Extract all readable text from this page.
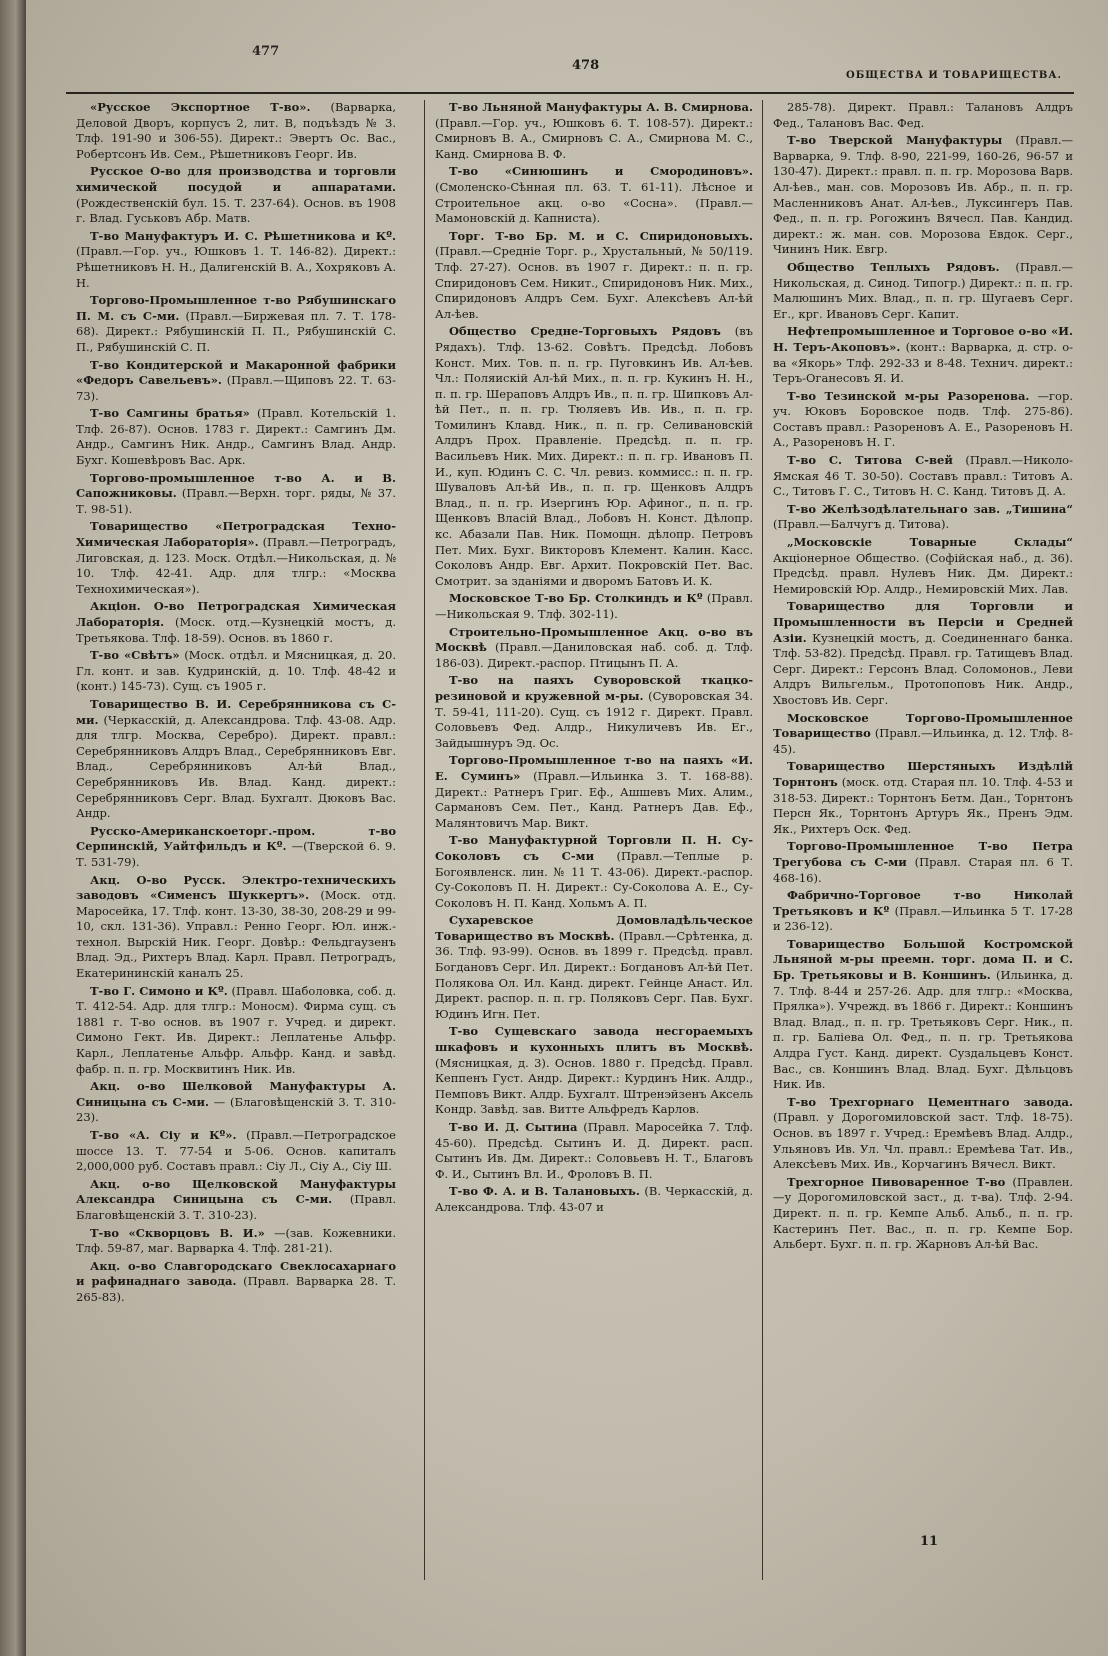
477
478
ОБЩЕСТВА И ТОВАРИЩЕСТВА.

«Русское Экспортное Т-во». (Варварка, Деловой Дворъ, корпусъ 2, лит. В, подъѣздъ № 3. Тлф. 191-90 и 306-55). Директ.: Эвертъ Ос. Вас., Робертсонъ Ив. Сем., Рѣшетниковъ Георг. Ив.

Русское О-во для производства и торговли химической посудой и аппаратами. (Рождественскій бул. 15. Т. 237-64). Основ. въ 1908 г. Влад. Гуськовъ Абр. Матв.

Т-во Мануфактуръ И. С. Рѣшетникова и Кº. (Правл.—Гор. уч., Юшковъ 1. Т. 146-82). Директ.: Рѣшетниковъ Н. Н., Далигенскій В. А., Хохряковъ А. Н.

Торгово-Промышленное т-во Рябушинскаго П. М. съ С-ми. (Правл.—Биржевая пл. 7. Т. 178-68). Директ.: Рябушинскій П. П., Рябушинскій С. П., Рябушинскій С. П.

Т-во Кондитерской и Макаронной фабрики «Федоръ Савельевъ». (Правл.—Щиповъ 22. Т. 63-73).

Т-во Самгины братья» (Правл. Котельскій 1. Тлф. 26-87). Основ. 1783 г. Директ.: Самгинъ Дм. Андр., Самгинъ Ник. Андр., Самгинъ Влад. Андр. Бухг. Кошевѣровъ Вас. Арк.

Торгово-промышленное т-во А. и В. Сапожниковы. (Правл.—Верхн. торг. ряды, № 37. Т. 98-51).

Товарищество «Петроградская Техно-Химическая Лабораторія». (Правл.—Петроградъ, Лиговская, д. 123. Моск. Отдѣл.—Никольская, д. № 10. Тлф. 42-41. Адр. для тлгр.: «Москва Технохимическая»).

Акціон. О-во Петроградская Химическая Лабораторія. (Моск. отд.—Кузнецкій мостъ, д. Третьякова. Тлф. 18-59). Основ. въ 1860 г.

Т-во «Свѣтъ» (Моск. отдѣл. и Мясницкая, д. 20. Гл. конт. и зав. Кудринскій, д. 10. Тлф. 48-42 и (конт.) 145-73). Сущ. съ 1905 г.

Товарищество В. И. Серебрянникова съ С-ми. (Черкасскій, д. Александрова. Тлф. 43-08. Адр. для тлгр. Москва, Серебро). Директ. правл.: Серебрянниковъ Алдръ Влад., Серебрянниковъ Евг. Влад., Серебрянниковъ Ал-ѣй Влад., Серебрянниковъ Ив. Влад. Канд. директ.: Серебрянниковъ Серг. Влад. Бухгалт. Дюковъ Вас. Андр.

Русско-Американскоеторг.-пром. т-во Серпинскій, Уайтфильдъ и Кº. —(Тверской 6. 9. Т. 531-79).

Акц. О-во Русск. Электро-техническихъ заводовъ «Сименсъ Шуккертъ». (Моск. отд. Маросейка, 17. Тлф. конт. 13-30, 38-30, 208-29 и 99-10, скл. 131-36). Управл.: Ренно Георг. Юл. инж.-технол. Вырскій Ник. Георг. Довѣр.: Фельдгаузенъ Влад. Эд., Рихтеръ Влад. Карл. Правл. Петроградъ, Екатерининскій каналъ 25.

Т-во Г. Симоно и Кº. (Правл. Шаболовка, соб. д. Т. 412-54. Адр. для тлгр.: Моносм). Фирма сущ. съ 1881 г. Т-во основ. въ 1907 г. Учред. и директ. Симоно Гект. Ив. Директ.: Леплатенье Альфр. Карл., Леплатенье Альфр. Альфр. Канд. и завѣд. фабр. п. п. гр. Москвитинъ Ник. Ив.

Акц. о-во Шелковой Мануфактуры А. Синицына съ С-ми. — (Благовѣщенскій 3. Т. 310-23).

Т-во «А. Сіу и Кº». (Правл.—Петроградское шоссе 13. Т. 77-54 и 5-06. Основ. капиталъ 2,000,000 руб. Составъ правл.: Сіу Л., Сіу А., Сіу Ш.

Акц. о-во Щелковской Мануфактуры Александра Синицына съ С-ми. (Правл. Благовѣщенскій 3. Т. 310-23).

Т-во «Скворцовъ В. И.» —(зав. Кожевники. Тлф. 59-87, маг. Варварка 4. Тлф. 281-21).

Акц. о-во Славгородскаго Свеклосахарнаго и рафинаднаго завода. (Правл. Варварка 28. Т. 265-83).

Т-во Льняной Мануфактуры А. В. Смирнова. (Правл.—Гор. уч., Юшковъ 6. Т. 108-57). Директ.: Смирновъ В. А., Смирновъ С. А., Смирнова М. С., Канд. Смирнова В. Ф.

Т-во «Синюшинъ и Смородиновъ». (Смоленско-Сѣнная пл. 63. Т. 61-11). Лѣсное и Строительное акц. о-во «Сосна». (Правл.—Мамоновскій д. Капниста).

Торг. Т-во Бр. М. и С. Спиридоновыхъ. (Правл.—Средніе Торг. р., Хрустальный, № 50/119. Тлф. 27-27). Основ. въ 1907 г. Директ.: п. п. гр. Спиридоновъ Сем. Никит., Спиридоновъ Ник. Мих., Спиридоновъ Алдръ Сем. Бухг. Алексѣевъ Ал-ѣй Ал-ѣев.

Общество Средне-Торговыхъ Рядовъ (въ Рядахъ). Тлф. 13-62. Совѣтъ. Предсѣд. Лобовъ Конст. Мих. Тов. п. п. гр. Пуговкинъ Ив. Ал-ѣев. Чл.: Поляискій Ал-ѣй Мих., п. п. гр. Кукинъ Н. Н., п. п. гр. Шераповъ Алдръ Ив., п. п. гр. Шипковъ Ал-ѣй Пет., п. п. гр. Тюляевъ Ив. Ив., п. п. гр. Томилинъ Клавд. Ник., п. п. гр. Селивановскій Алдръ Прох. Правленіе. Предсѣд. п. п. гр. Васильевъ Ник. Мих. Директ.: п. п. гр. Ивановъ П. И., куп. Юдинъ С. С. Чл. ревиз. коммисс.: п. п. гр. Шуваловъ Ал-ѣй Ив., п. п. гр. Щенковъ Алдръ Влад., п. п. гр. Изергинъ Юр. Афиног., п. п. гр. Щенковъ Власій Влад., Лобовъ Н. Конст. Дѣлопр. кс. Абазали Пав. Ник. Помощн. дѣлопр. Петровъ Пет. Мих. Бухг. Викторовъ Клемент. Калин. Касс. Соколовъ Андр. Евг. Архит. Покровскій Пет. Вас. Смотрит. за зданіями и дворомъ Батовъ И. К.

Московское Т-во Бр. Столкиндъ и Кº (Правл.—Никольская 9. Тлф. 302-11).

Строительно-Промышленное Акц. о-во въ Москвѣ (Правл.—Даниловская наб. соб. д. Тлф. 186-03). Директ.-распор. Птицынъ П. А.

Т-во на паяхъ Суворовской ткацко-резиновой и кружевной м-ры. (Суворовская 34. Т. 59-41, 111-20). Сущ. съ 1912 г. Директ. Правл. Соловьевъ Фед. Алдр., Никуличевъ Ив. Ег., Зайдышнуръ Эд. Ос.

Торгово-Промышленное т-во на паяхъ «И. Е. Суминъ» (Правл.—Ильинка 3. Т. 168-88). Директ.: Ратнеръ Григ. Еф., Ашшевъ Мих. Алим., Сармановъ Сем. Пет., Канд. Ратнеръ Дав. Еф., Малянтовичъ Мар. Викт.

Т-во Мануфактурной Торговли П. Н. Су-Соколовъ съ С-ми (Правл.—Теплые р. Богоявленск. лин. № 11 Т. 43-06). Директ.-распор. Су-Соколовъ П. Н. Директ.: Су-Соколова А. Е., Су-Соколовъ Н. П. Канд. Хольмъ А. П.

Сухаревское Домовладѣльческое Товарищество въ Москвѣ. (Правл.—Срѣтенка, д. 36. Тлф. 93-99). Основ. въ 1899 г. Предсѣд. правл. Богдановъ Серг. Ил. Директ.: Богдановъ Ал-ѣй Пет. Полякова Ол. Ил. Канд. директ. Гейнце Анаст. Ил. Директ. распор. п. п. гр. Поляковъ Серг. Пав. Бухг. Юдинъ Игн. Пет.

Т-во Сущевскаго завода несгораемыхъ шкафовъ и кухонныхъ плитъ въ Москвѣ. (Мясницкая, д. 3). Основ. 1880 г. Предсѣд. Правл. Кеппенъ Густ. Андр. Директ.: Курдинъ Ник. Алдр., Пемповъ Викт. Алдр. Бухгалт. Штренэйзенъ Аксель Кондр. Завѣд. зав. Витте Альфредъ Карлов.

Т-во И. Д. Сытина (Правл. Маросейка 7. Тлф. 45-60). Предсѣд. Сытинъ И. Д. Директ. расп. Сытинъ Ив. Дм. Директ.: Соловьевъ Н. Т., Благовъ Ф. И., Сытинъ Вл. И., Фроловъ В. П.

Т-во Ф. А. и В. Талановыхъ. (В. Черкасскій, д. Александрова. Тлф. 43-07 и

285-78). Директ. Правл.: Талановъ Алдръ Фед., Талановъ Вас. Фед.

Т-во Тверской Мануфактуры (Правл.—Варварка, 9. Тлф. 8-90, 221-99, 160-26, 96-57 и 130-47). Директ.: правл. п. п. гр. Морозова Варв. Ал-ѣев., ман. сов. Морозовъ Ив. Абр., п. п. гр. Масленниковъ Анат. Ал-ѣев., Луксингеръ Пав. Фед., п. п. гр. Рогожинъ Вячесл. Пав. Кандид. директ.: ж. ман. сов. Морозова Евдок. Серг., Чининъ Ник. Евгр.

Общество Теплыхъ Рядовъ. (Правл.—Никольская, д. Синод. Типогр.) Директ.: п. п. гр. Малюшинъ Мих. Влад., п. п. гр. Шугаевъ Серг. Ег., крг. Ивановъ Серг. Капит.

Нефтепромышленное и Торговое о-во «И. Н. Теръ-Акоповъ». (конт.: Варварка, д. стр. о-ва «Якорь» Тлф. 292-33 и 8-48. Технич. директ.: Теръ-Оганесовъ Я. И.

Т-во Тезинской м-ры Разоренова. —гор. уч. Юковъ Боровское подв. Тлф. 275-86). Составъ правл.: Разореновъ А. Е., Разореновъ Н. А., Разореновъ Н. Г.

Т-во С. Титова С-вей (Правл.—Николо-Ямская 46 Т. 30-50). Составъ правл.: Титовъ А. С., Титовъ Г. С., Титовъ Н. С. Канд. Титовъ Д. А.

Т-во Желѣзодѣлательнаго зав. „Тишина“ (Правл.—Балчугъ д. Титова).

„Московскіе Товарные Склады“ Акціонерное Общество. (Софійская наб., д. 36). Предсѣд. правл. Нулевъ Ник. Дм. Директ.: Немировскій Юр. Алдр., Немировскій Мих. Лав.

Товарищество для Торговли и Промышленности въ Персіи и Средней Азіи. Кузнецкій мостъ, д. Соединеннаго банка. Тлф. 53-82). Предсѣд. Правл. гр. Татищевъ Влад. Серг. Директ.: Герсонъ Влад. Соломонов., Леви Алдръ Вильгельм., Протопоповъ Ник. Андр., Хвостовъ Ив. Серг.

Московское Торгово-Промышленное Товарищество (Правл.—Ильинка, д. 12. Тлф. 8-45).

Товарищество Шерстяныхъ Издѣлій Торнтонъ (моск. отд. Старая пл. 10. Тлф. 4-53 и 318-53. Директ.: Торнтонъ Бетм. Дан., Торнтонъ Персн Як., Торнтонъ Артуръ Як., Пренъ Эдм. Як., Рихтеръ Оск. Фед.

Торгово-Промышленное Т-во Петра Трегубова съ С-ми (Правл. Старая пл. 6 Т. 468-16).

Фабрично-Торговое т-во Николай Третьяковъ и Кº (Правл.—Ильинка 5 Т. 17-28 и 236-12).

Товарищество Большой Костромской Льняной м-ры преемн. торг. дома П. и С. Бр. Третьяковы и В. Коншинъ. (Ильинка, д. 7. Тлф. 8-44 и 257-26. Адр. для тлгр.: «Москва, Прялка»). Учрежд. въ 1866 г. Директ.: Коншинъ Влад. Влад., п. п. гр. Третьяковъ Серг. Ник., п. п. гр. Баліева Ол. Фед., п. п. гр. Третьякова Алдра Густ. Канд. директ. Суздальцевъ Конст. Вас., св. Коншинъ Влад. Влад. Бухг. Дѣльцовъ Ник. Ив.

Т-во Трехгорнаго Цементнаго завода. (Правл. у Дорогомиловской заст. Тлф. 18-75). Основ. въ 1897 г. Учред.: Еремѣевъ Влад. Алдр., Ульяновъ Ив. Ул. Чл. правл.: Еремѣева Тат. Ив., Алексѣевъ Мих. Ив., Корчагинъ Вячесл. Викт.

Трехгорное Пивоваренное Т-во (Правлен.—у Дорогомиловской заст., д. т-ва). Тлф. 2-94. Директ. п. п. гр. Кемпе Альб. Альб., п. п. гр. Кастеринъ Пет. Вас., п. п. гр. Кемпе Бор. Альберт. Бухг. п. п. гр. Жарновъ Ал-ѣй Вас.

11
